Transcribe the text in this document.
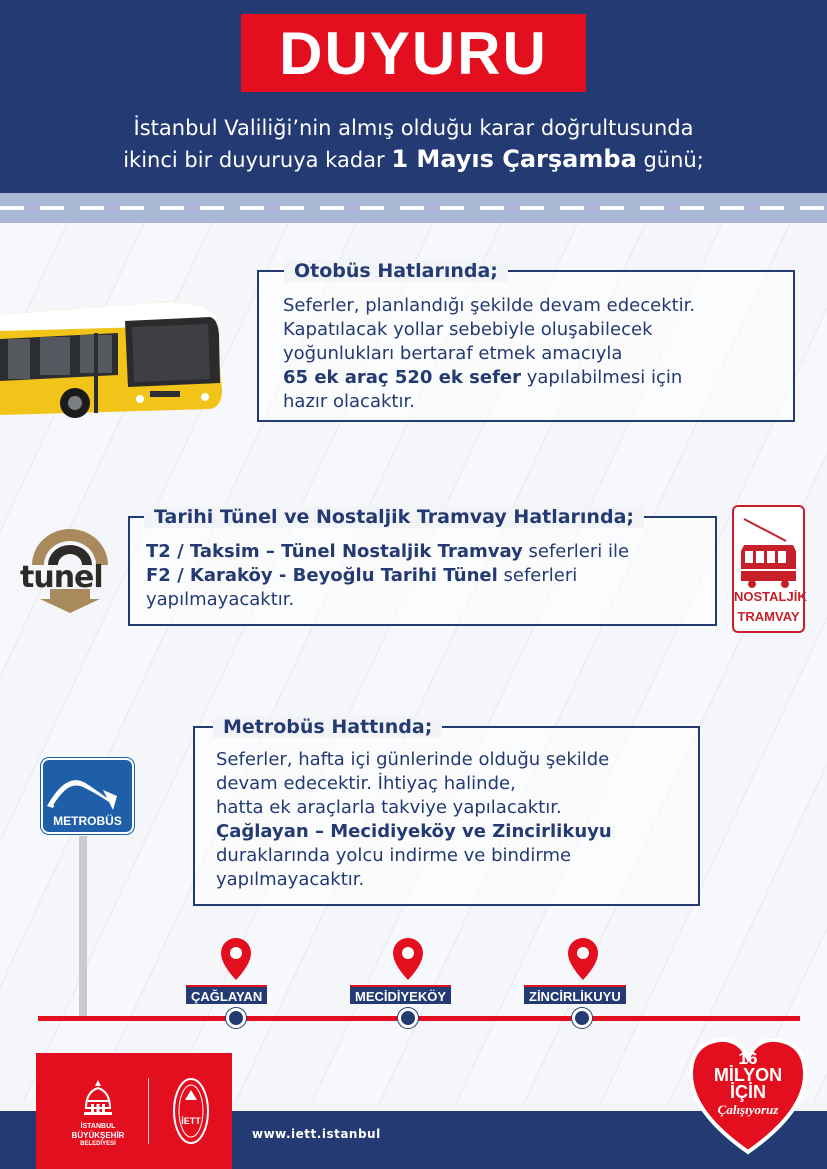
DUYURU
İstanbul Valiliği’nin almış olduğu karar doğrultusunda
ikinci bir duyuruya kadar 1 Mayıs Çarşamba günü;
Otobüs Hatlarında;
Seferler, planlandığı şekilde devam edecektir.
Kapatılacak yollar sebebiyle oluşabilecek
yoğunlukları bertaraf etmek amacıyla
65 ek araç 520 ek sefer yapılabilmesi için
hazır olacaktır.
tunel
Tarihi Tünel ve Nostaljik Tramvay Hatlarında;
T2 / Taksim – Tünel Nostaljik Tramvay seferleri ile
F2 / Karaköy - Beyoğlu Tarihi Tünel seferleri
yapılmayacaktır.	NOSTALJİK
TRAMVAY
METROBÜS
Metrobüs Hattında;
Seferler, hafta içi günlerinde olduğu şekilde
devam edecektir. İhtiyaç halinde,
hatta ek araçlarla takviye yapılacaktır.
Çağlayan – Mecidiyeköy ve Zincirlikuyu
duraklarında yolcu indirme ve bindirme
yapılmayacaktır.
ÇAĞLAYAN	MECİDİYEKÖY	ZİNCİRLİKUYU
İSTANBUL
BÜYÜKŞEHİR
BELEDİYESİ
İETT
www.iett.istanbul
16
MİLYON
İÇİN
Çalışıyoruz
